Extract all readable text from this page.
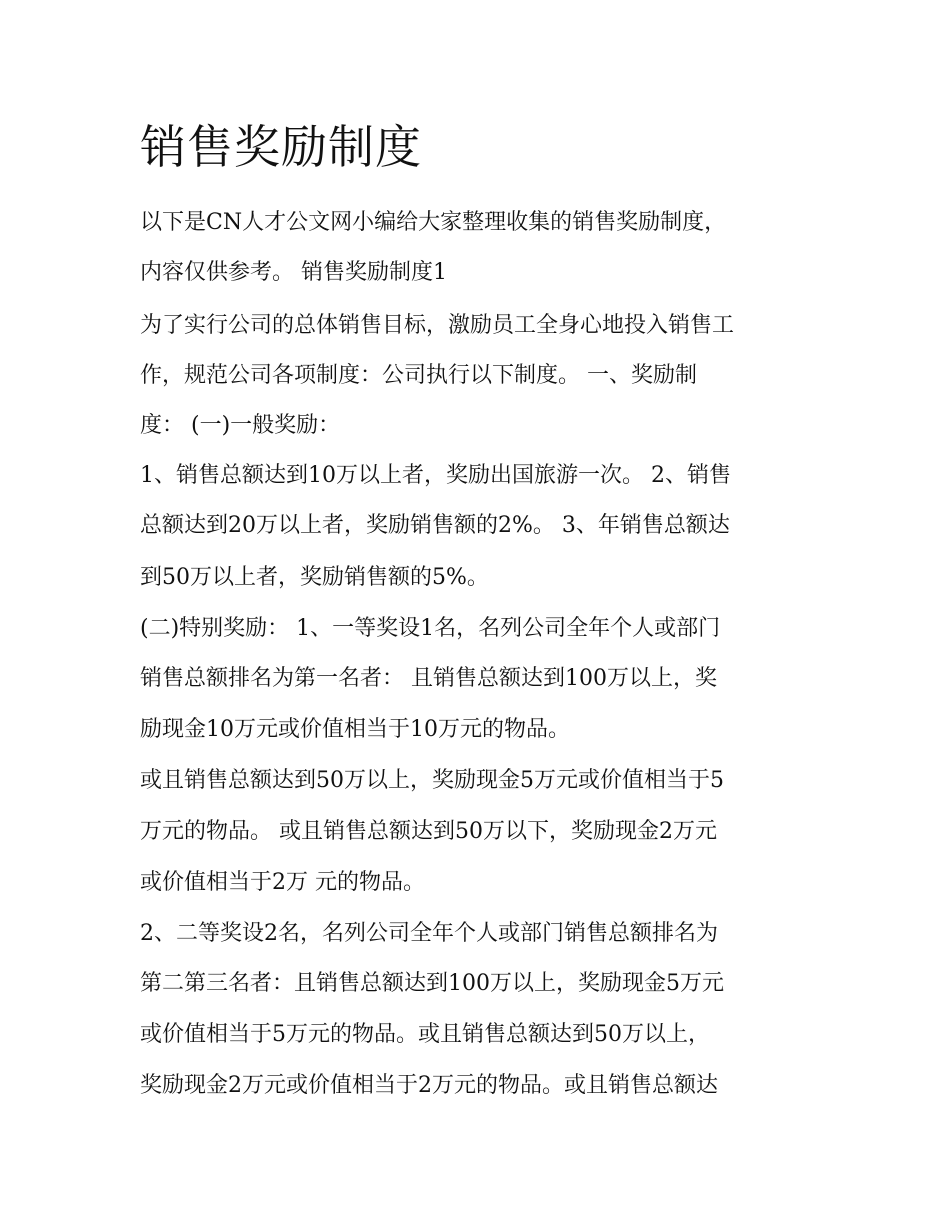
销售奖励制度

以下是CN人才公文网小编给大家整理收集的销售奖励制度，

内容仅供参考。 销售奖励制度1

为了实行公司的总体销售目标，激励员工全身心地投入销售工

作，规范公司各项制度：公司执行以下制度。 一、奖励制

度： (一)一般奖励：

1、销售总额达到10万以上者，奖励出国旅游一次。 2、销售

总额达到20万以上者，奖励销售额的2%。 3、年销售总额达

到50万以上者，奖励销售额的5%。

(二)特别奖励： 1、一等奖设1名，名列公司全年个人或部门

销售总额排名为第一名者： 且销售总额达到100万以上，奖

励现金10万元或价值相当于10万元的物品。

或且销售总额达到50万以上，奖励现金5万元或价值相当于5

万元的物品。 或且销售总额达到50万以下，奖励现金2万元

或价值相当于2万 元的物品。

2、二等奖设2名，名列公司全年个人或部门销售总额排名为

第二第三名者：且销售总额达到100万以上，奖励现金5万元

或价值相当于5万元的物品。或且销售总额达到50万以上，

奖励现金2万元或价值相当于2万元的物品。或且销售总额达
